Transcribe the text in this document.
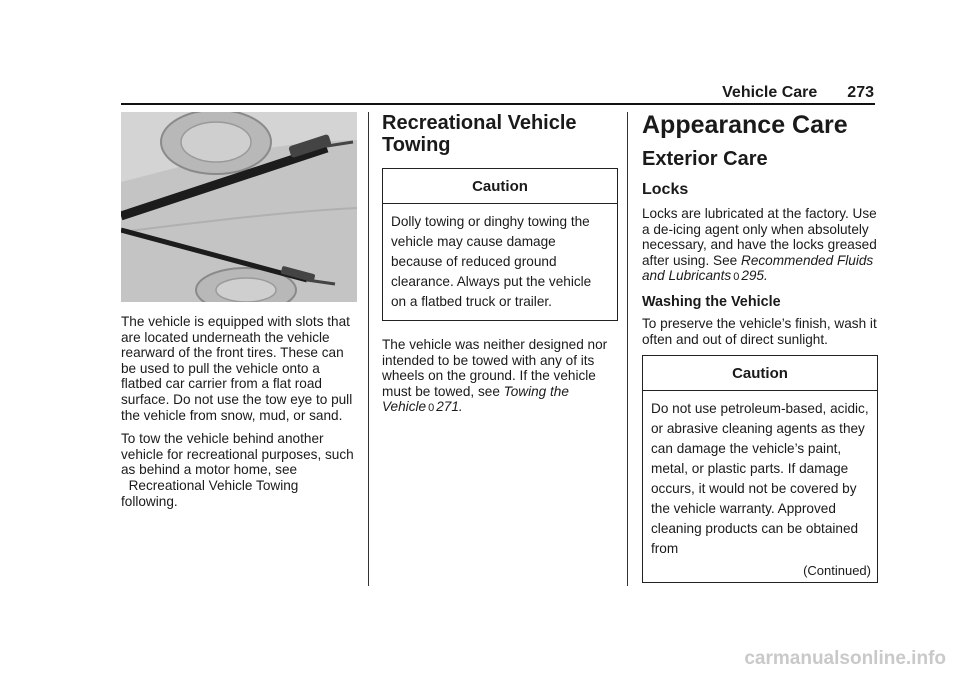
Vehicle Care 273

The vehicle is equipped with slots that are located underneath the vehicle rearward of the front tires. These can be used to pull the vehicle onto a flatbed car carrier from a flat road surface. Do not use the tow eye to pull the vehicle from snow, mud, or sand.

To tow the vehicle behind another vehicle for recreational purposes, such as behind a motor home, see
Recreational Vehicle Towing
following.

Recreational Vehicle Towing
Caution
Dolly towing or dinghy towing the vehicle may cause damage because of reduced ground clearance. Always put the vehicle on a flatbed truck or trailer.

The vehicle was neither designed nor intended to be towed with any of its wheels on the ground. If the vehicle must be towed, see Towing the Vehicle 0 271.

Appearance Care
Exterior Care
Locks

Locks are lubricated at the factory. Use a de-icing agent only when absolutely necessary, and have the locks greased after using. See Recommended Fluids and Lubricants 0 295.

Washing the Vehicle

To preserve the vehicle’s finish, wash it often and out of direct sunlight.

Caution
Do not use petroleum-based, acidic, or abrasive cleaning agents as they can damage the vehicle’s paint, metal, or plastic parts. If damage occurs, it would not be covered by the vehicle warranty. Approved cleaning products can be obtained from
(Continued)
carmanualsonline.info
